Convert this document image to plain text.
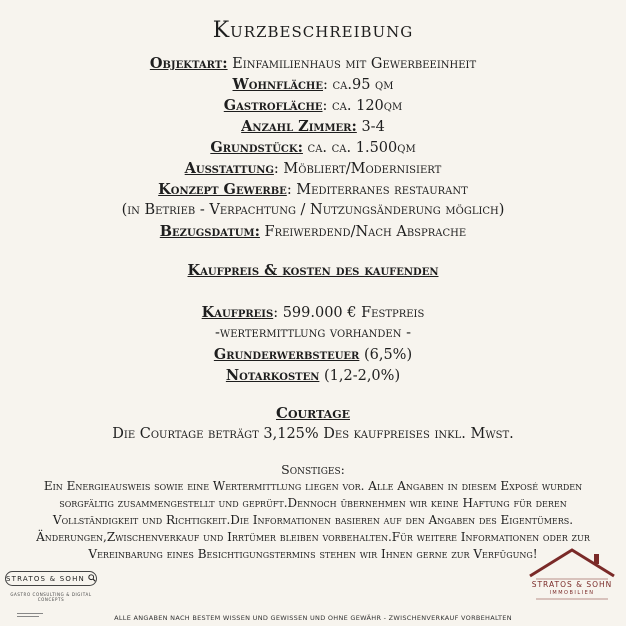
Kurzbeschreibung
Objektart: Einfamilienhaus mit Gewerbeeinheit
Wohnfläche: ca.95 qm
Gastrofläche: ca. 120qm
Anzahl Zimmer: 3-4
Grundstück: ca. ca. 1.500qm
Ausstattung: Möbliert/Modernisiert
Konzept Gewerbe: Mediterranes restaurant
(in Betrieb - Verpachtung / Nutzungsänderung möglich)
Bezugsdatum: Freiwerdend/Nach Absprache
Kaufpreis & kosten des kaufenden
Kaufpreis: 599.000 € Festpreis
-wertermittlung vorhanden -
Grunderwerbsteuer (6,5%)
Notarkosten (1,2-2,0%)
Courtage
Die Courtage beträgt 3,125% Des kaufpreises inkl. Mwst.
Sonstiges:
Ein Energieausweis sowie eine Wertermittlung liegen vor. Alle Angaben in diesem Exposé wurden sorgfältig zusammengestellt und geprüft.Dennoch übernehmen wir keine Haftung für deren Vollständigkeit und Richtigkeit.Die Informationen basieren auf den Angaben des Eigentümers. Änderungen,Zwischenverkauf und Irrtümer bleiben vorbehalten.Für weitere Informationen oder zur Vereinbarung eines Besichtigungstermins stehen wir Ihnen gerne zur Verfügung!
STRATOS & SOHN
GASTRO CONSULTING & DIGITAL CONCEPTS
STRATOS & SOHN
IMMOBILIEN
ALLE ANGABEN NACH BESTEM WISSEN UND GEWISSEN UND OHNE GEWÄHR - ZWISCHENVERKAUF VORBEHALTEN
